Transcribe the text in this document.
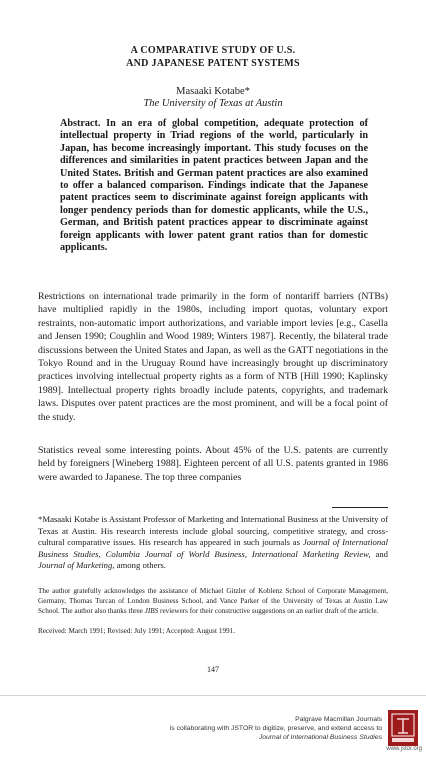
A COMPARATIVE STUDY OF U.S.
AND JAPANESE PATENT SYSTEMS
Masaaki Kotabe*
The University of Texas at Austin

Abstract. In an era of global competition, adequate protection of intellectual property in Triad regions of the world, particularly in Japan, has become increasingly important. This study focuses on the differences and similarities in patent practices between Japan and the United States. British and German patent practices are also examined to offer a balanced comparison. Findings indicate that the Japanese patent practices seem to discriminate against foreign applicants with longer pendency periods than for domestic applicants, while the U.S., German, and British patent practices appear to discriminate against foreign applicants with lower patent grant ratios than for domestic applicants.

Restrictions on international trade primarily in the form of nontariff barriers (NTBs) have multiplied rapidly in the 1980s, including import quotas, voluntary export restraints, non-automatic import authorizations, and variable import levies [e.g., Casella and Jensen 1990; Coughlin and Wood 1989; Winters 1987]. Recently, the bilateral trade discussions between the United States and Japan, as well as the GATT negotiations in the Tokyo Round and in the Uruguay Round have increasingly brought up discriminatory practices involving intellectual property rights as a form of NTB [Hill 1990; Kaplinsky 1989]. Intellectual property rights broadly include patents, copyrights, and trademark laws. Disputes over patent practices are the most prominent, and will be a focal point of the study.

Statistics reveal some interesting points. About 45% of the U.S. patents are currently held by foreigners [Wineberg 1988]. Eighteen percent of all U.S. patents granted in 1986 were awarded to Japanese. The top three companies

*Masaaki Kotabe is Assistant Professor of Marketing and International Business at the University of Texas at Austin. His research interests include global sourcing, competitive strategy, and cross-cultural comparative issues. His research has appeared in such journals as Journal of International Business Studies, Columbia Journal of World Business, International Marketing Review, and Journal of Marketing, among others.

The author gratefully acknowledges the assistance of Michael Gitzler of Koblenz School of Corporate Management, Germany, Thomas Turcan of London Business School, and Vance Parker of the University of Texas at Austin Law School. The author also thanks three JIBS reviewers for their constructive suggestions on an earlier draft of the article.

Received: March 1991; Revised: July 1991; Accepted: August 1991.

147
Palgrave Macmillan Journals
is collaborating with JSTOR to digitize, preserve, and extend access to
Journal of International Business Studies
www.jstor.org
